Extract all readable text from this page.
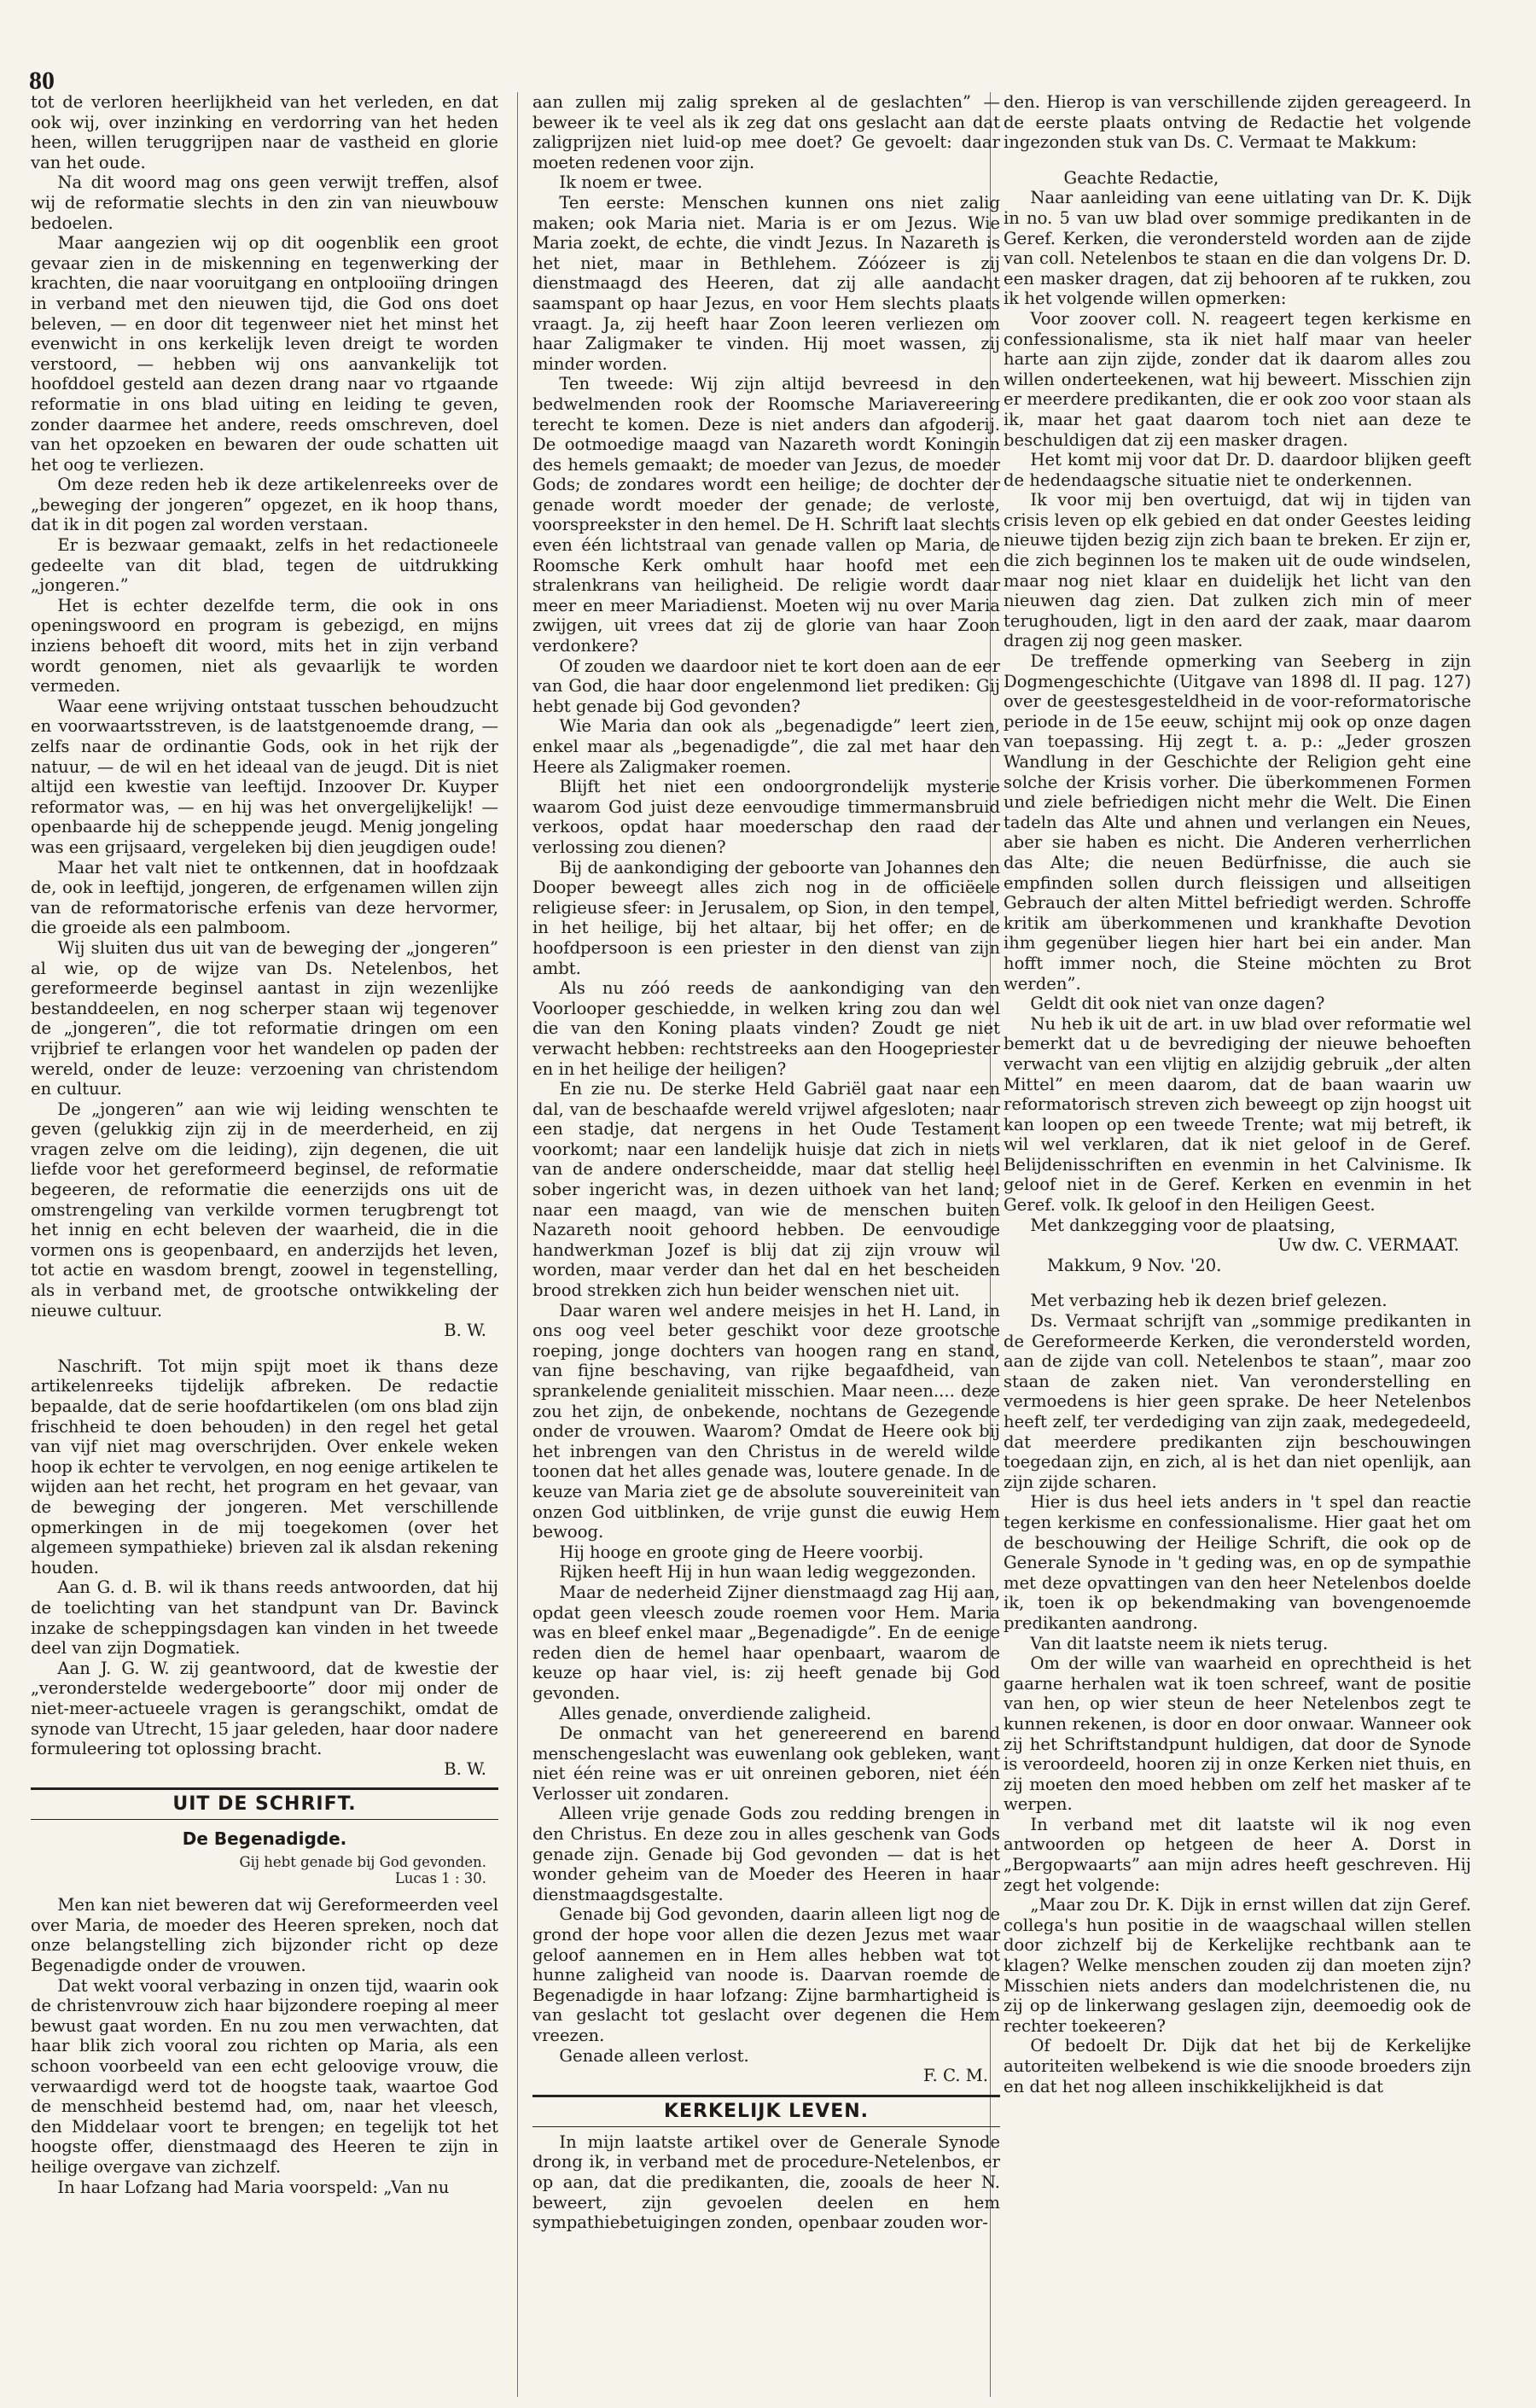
80

tot de verloren heerlijkheid van het verleden, en dat ook wij, over inzinking en verdorring van het heden heen, willen teruggrijpen naar de vastheid en glorie van het oude.

Na dit woord mag ons geen verwijt treffen, alsof wij de reformatie slechts in den zin van nieuwbouw bedoelen.

Maar aangezien wij op dit oogenblik een groot gevaar zien in de miskenning en tegenwerking der krachten, die naar vooruitgang en ontplooiïng dringen in verband met den nieuwen tijd, die God ons doet beleven, — en door dit tegenweer niet het minst het evenwicht in ons kerkelijk leven dreigt te worden verstoord, — hebben wij ons aanvankelijk tot hoofddoel gesteld aan dezen drang naar vo rtgaande reformatie in ons blad uiting en leiding te geven, zonder daarmee het andere, reeds omschreven, doel van het opzoeken en bewaren der oude schatten uit het oog te verliezen.

Om deze reden heb ik deze artikelenreeks over de „beweging der jongeren” opgezet, en ik hoop thans, dat ik in dit pogen zal worden verstaan.

Er is bezwaar gemaakt, zelfs in het redactioneele gedeelte van dit blad, tegen de uitdrukking „jongeren.”

Het is echter dezelfde term, die ook in ons openingswoord en program is gebezigd, en mijns inziens behoeft dit woord, mits het in zijn verband wordt genomen, niet als gevaarlijk te worden vermeden.

Waar eene wrijving ontstaat tusschen behoudzucht en voorwaartsstreven, is de laatstgenoemde drang, — zelfs naar de ordinantie Gods, ook in het rijk der natuur, — de wil en het ideaal van de jeugd. Dit is niet altijd een kwestie van leeftijd. Inzoover Dr. Kuyper reformator was, — en hij was het onvergelijkelijk! — openbaarde hij de scheppende jeugd. Menig jongeling was een grijsaard, vergeleken bij dien jeugdigen oude!

Maar het valt niet te ontkennen, dat in hoofdzaak de, ook in leeftijd, jongeren, de erfgenamen willen zijn van de reformatorische erfenis van deze hervormer, die groeide als een palmboom.

Wij sluiten dus uit van de beweging der „jongeren” al wie, op de wijze van Ds. Netelenbos, het gereformeerde beginsel aantast in zijn wezenlijke bestanddeelen, en nog scherper staan wij tegenover de „jongeren”, die tot reformatie dringen om een vrijbrief te erlangen voor het wandelen op paden der wereld, onder de leuze: verzoening van christendom en cultuur.

De „jongeren” aan wie wij leiding wenschten te geven (gelukkig zijn zij in de meerderheid, en zij vragen zelve om die leiding), zijn degenen, die uit liefde voor het gereformeerd beginsel, de reformatie begeeren, de reformatie die eenerzijds ons uit de omstrengeling van verkilde vormen terugbrengt tot het innig en echt beleven der waarheid, die in die vormen ons is geopenbaard, en anderzijds het leven, tot actie en wasdom brengt, zoowel in tegenstelling, als in verband met, de grootsche ontwikkeling der nieuwe cultuur.

B. W.

Naschrift. Tot mijn spijt moet ik thans deze artikelenreeks tijdelijk afbreken. De redactie bepaalde, dat de serie hoofdartikelen (om ons blad zijn frischheid te doen behouden) in den regel het getal van vijf niet mag overschrijden. Over enkele weken hoop ik echter te vervolgen, en nog eenige artikelen te wijden aan het recht, het program en het gevaar, van de beweging der jongeren. Met verschillende opmerkingen in de mij toegekomen (over het algemeen sympathieke) brieven zal ik alsdan rekening houden.

Aan G. d. B. wil ik thans reeds antwoorden, dat hij de toelichting van het standpunt van Dr. Bavinck inzake de scheppingsdagen kan vinden in het tweede deel van zijn Dogmatiek.

Aan J. G. W. zij geantwoord, dat de kwestie der „veronderstelde wedergeboorte” door mij onder de niet-meer-actueele vragen is gerangschikt, omdat de synode van Utrecht, 15 jaar geleden, haar door nadere formuleering tot oplossing bracht.

B. W.

UIT DE SCHRIFT.
De Begenadigde.
Gij hebt genade bij God gevonden.
Lucas 1 : 30.

Men kan niet beweren dat wij Gereformeerden veel over Maria, de moeder des Heeren spreken, noch dat onze belangstelling zich bijzonder richt op deze Begenadigde onder de vrouwen.

Dat wekt vooral verbazing in onzen tijd, waarin ook de christenvrouw zich haar bijzondere roeping al meer bewust gaat worden. En nu zou men verwachten, dat haar blik zich vooral zou richten op Maria, als een schoon voorbeeld van een echt geloovige vrouw, die verwaardigd werd tot de hoogste taak, waartoe God de menschheid bestemd had, om, naar het vleesch, den Middelaar voort te brengen; en tegelijk tot het hoogste offer, dienstmaagd des Heeren te zijn in heilige overgave van zichzelf.

In haar Lofzang had Maria voorspeld: „Van nu

aan zullen mij zalig spreken al de geslachten” — beweer ik te veel als ik zeg dat ons geslacht aan dat zaligprijzen niet luid-op mee doet? Ge gevoelt: daar moeten redenen voor zijn.

Ik noem er twee.

Ten eerste: Menschen kunnen ons niet zalig maken; ook Maria niet. Maria is er om Jezus. Wie Maria zoekt, de echte, die vindt Jezus. In Nazareth is het niet, maar in Bethlehem. Zóózeer is zij dienstmaagd des Heeren, dat zij alle aandacht saamspant op haar Jezus, en voor Hem slechts plaats vraagt. Ja, zij heeft haar Zoon leeren verliezen om haar Zaligmaker te vinden. Hij moet wassen, zij minder worden.

Ten tweede: Wij zijn altijd bevreesd in den bedwelmenden rook der Roomsche Mariavereering terecht te komen. Deze is niet anders dan afgoderij. De ootmoedige maagd van Nazareth wordt Koningin des hemels gemaakt; de moeder van Jezus, de moeder Gods; de zondares wordt een heilige; de dochter der genade wordt moeder der genade; de verloste, voorspreekster in den hemel. De H. Schrift laat slechts even één lichtstraal van genade vallen op Maria, de Roomsche Kerk omhult haar hoofd met een stralenkrans van heiligheid. De religie wordt daar meer en meer Mariadienst. Moeten wij nu over Maria zwijgen, uit vrees dat zij de glorie van haar Zoon verdonkere?

Of zouden we daardoor niet te kort doen aan de eer van God, die haar door engelenmond liet prediken: Gij hebt genade bij God gevonden?

Wie Maria dan ook als „begenadigde” leert zien, enkel maar als „begenadigde”, die zal met haar den Heere als Zaligmaker roemen.

Blijft het niet een ondoorgrondelijk mysterie waarom God juist deze eenvoudige timmermansbruid verkoos, opdat haar moederschap den raad der verlossing zou dienen?

Bij de aankondiging der geboorte van Johannes den Dooper beweegt alles zich nog in de officiëele religieuse sfeer: in Jerusalem, op Sion, in den tempel, in het heilige, bij het altaar, bij het offer; en de hoofdpersoon is een priester in den dienst van zijn ambt.

Als nu zóó reeds de aankondiging van den Voorlooper geschiedde, in welken kring zou dan wel die van den Koning plaats vinden? Zoudt ge niet verwacht hebben: rechtstreeks aan den Hoogepriester en in het heilige der heiligen?

En zie nu. De sterke Held Gabriël gaat naar een dal, van de beschaafde wereld vrijwel afgesloten; naar een stadje, dat nergens in het Oude Testament voorkomt; naar een landelijk huisje dat zich in niets van de andere onderscheidde, maar dat stellig heel sober ingericht was, in dezen uithoek van het land; naar een maagd, van wie de menschen buiten Nazareth nooit gehoord hebben. De eenvoudige handwerkman Jozef is blij dat zij zijn vrouw wil worden, maar verder dan het dal en het bescheiden brood strekken zich hun beider wenschen niet uit.

Daar waren wel andere meisjes in het H. Land, in ons oog veel beter geschikt voor deze grootsche roeping, jonge dochters van hoogen rang en stand, van fijne beschaving, van rijke begaafdheid, van sprankelende genialiteit misschien. Maar neen.... deze zou het zijn, de onbekende, nochtans de Gezegende onder de vrouwen. Waarom? Omdat de Heere ook bij het inbrengen van den Christus in de wereld wilde toonen dat het alles genade was, loutere genade. In de keuze van Maria ziet ge de absolute souvereiniteit van onzen God uitblinken, de vrije gunst die euwig Hem bewoog.

Hij hooge en groote ging de Heere voorbij.

Rijken heeft Hij in hun waan ledig weggezonden.

Maar de nederheid Zijner dienstmaagd zag Hij aan, opdat geen vleesch zoude roemen voor Hem. Maria was en bleef enkel maar „Begenadigde”. En de eenige reden dien de hemel haar openbaart, waarom de keuze op haar viel, is: zij heeft genade bij God gevonden.

Alles genade, onverdiende zaligheid.

De onmacht van het genereerend en barend menschengeslacht was euwenlang ook gebleken, want niet één reine was er uit onreinen geboren, niet één Verlosser uit zondaren.

Alleen vrije genade Gods zou redding brengen in den Christus. En deze zou in alles geschenk van Gods genade zijn. Genade bij God gevonden — dat is het wonder geheim van de Moeder des Heeren in haar dienstmaagdsgestalte.

Genade bij God gevonden, daarin alleen ligt nog de grond der hope voor allen die dezen Jezus met waar geloof aannemen en in Hem alles hebben wat tot hunne zaligheid van noode is. Daarvan roemde de Begenadigde in haar lofzang: Zijne barmhartigheid is van geslacht tot geslacht over degenen die Hem vreezen.

Genade alleen verlost.

F. C. M.

KERKELIJK LEVEN.

In mijn laatste artikel over de Generale Synode drong ik, in verband met de procedure-Netelenbos, er op aan, dat die predikanten, die, zooals de heer N. beweert, zijn gevoelen deelen en hem sympathiebetuigingen zonden, openbaar zouden wor-

den. Hierop is van verschillende zijden gereageerd. In de eerste plaats ontving de Redactie het volgende ingezonden stuk van Ds. C. Vermaat te Makkum:

Geachte Redactie,

Naar aanleiding van eene uitlating van Dr. K. Dijk in no. 5 van uw blad over sommige predikanten in de Geref. Kerken, die verondersteld worden aan de zijde van coll. Netelenbos te staan en die dan volgens Dr. D. een masker dragen, dat zij behooren af te rukken, zou ik het volgende willen opmerken:

Voor zoover coll. N. reageert tegen kerkisme en confessionalisme, sta ik niet half maar van heeler harte aan zijn zijde, zonder dat ik daarom alles zou willen onderteekenen, wat hij beweert. Misschien zijn er meerdere predikanten, die er ook zoo voor staan als ik, maar het gaat daarom toch niet aan deze te beschuldigen dat zij een masker dragen.

Het komt mij voor dat Dr. D. daardoor blijken geeft de hedendaagsche situatie niet te onderkennen.

Ik voor mij ben overtuigd, dat wij in tijden van crisis leven op elk gebied en dat onder Geestes leiding nieuwe tijden bezig zijn zich baan te breken. Er zijn er, die zich beginnen los te maken uit de oude windselen, maar nog niet klaar en duidelijk het licht van den nieuwen dag zien. Dat zulken zich min of meer terughouden, ligt in den aard der zaak, maar daarom dragen zij nog geen masker.

De treffende opmerking van Seeberg in zijn Dogmengeschichte (Uitgave van 1898 dl. II pag. 127) over de geestesgesteldheid in de voor-reformatorische periode in de 15e eeuw, schijnt mij ook op onze dagen van toepassing. Hij zegt t. a. p.: „Jeder groszen Wandlung in der Geschichte der Religion geht eine solche der Krisis vorher. Die überkommenen Formen und ziele befriedigen nicht mehr die Welt. Die Einen tadeln das Alte und ahnen und verlangen ein Neues, aber sie haben es nicht. Die Anderen verherrlichen das Alte; die neuen Bedürfnisse, die auch sie empfinden sollen durch fleissigen und allseitigen Gebrauch der alten Mittel befriedigt werden. Schroffe kritik am überkommenen und krankhafte Devotion ihm gegenüber liegen hier hart bei ein ander. Man hofft immer noch, die Steine möchten zu Brot werden”.

Geldt dit ook niet van onze dagen?

Nu heb ik uit de art. in uw blad over reformatie wel bemerkt dat u de bevrediging der nieuwe behoeften verwacht van een vlijtig en alzijdig gebruik „der alten Mittel” en meen daarom, dat de baan waarin uw reformatorisch streven zich beweegt op zijn hoogst uit kan loopen op een tweede Trente; wat mij betreft, ik wil wel verklaren, dat ik niet geloof in de Geref. Belijdenisschriften en evenmin in het Calvinisme. Ik geloof niet in de Geref. Kerken en evenmin in het Geref. volk. Ik geloof in den Heiligen Geest.

Met dankzegging voor de plaatsing,

Uw dw. C. VERMAAT.

Makkum, 9 Nov. '20.

Met verbazing heb ik dezen brief gelezen.

Ds. Vermaat schrijft van „sommige predikanten in de Gereformeerde Kerken, die verondersteld worden, aan de zijde van coll. Netelenbos te staan”, maar zoo staan de zaken niet. Van veronderstelling en vermoedens is hier geen sprake. De heer Netelenbos heeft zelf, ter verdediging van zijn zaak, medegedeeld, dat meerdere predikanten zijn beschouwingen toegedaan zijn, en zich, al is het dan niet openlijk, aan zijn zijde scharen.

Hier is dus heel iets anders in 't spel dan reactie tegen kerkisme en confessionalisme. Hier gaat het om de beschouwing der Heilige Schrift, die ook op de Generale Synode in 't geding was, en op de sympathie met deze opvattingen van den heer Netelenbos doelde ik, toen ik op bekendmaking van bovengenoemde predikanten aandrong.

Van dit laatste neem ik niets terug.

Om der wille van waarheid en oprechtheid is het gaarne herhalen wat ik toen schreef, want de positie van hen, op wier steun de heer Netelenbos zegt te kunnen rekenen, is door en door onwaar. Wanneer ook zij het Schriftstandpunt huldigen, dat door de Synode is veroordeeld, hooren zij in onze Kerken niet thuis, en zij moeten den moed hebben om zelf het masker af te werpen.

In verband met dit laatste wil ik nog even antwoorden op hetgeen de heer A. Dorst in „Bergopwaarts” aan mijn adres heeft geschreven. Hij zegt het volgende:

„Maar zou Dr. K. Dijk in ernst willen dat zijn Geref. collega's hun positie in de waagschaal willen stellen door zichzelf bij de Kerkelijke rechtbank aan te klagen? Welke menschen zouden zij dan moeten zijn? Misschien niets anders dan modelchristenen die, nu zij op de linkerwang geslagen zijn, deemoedig ook de rechter toekeeren?

Of bedoelt Dr. Dijk dat het bij de Kerkelijke autoriteiten welbekend is wie die snoode broeders zijn en dat het nog alleen inschikkelijkheid is dat
